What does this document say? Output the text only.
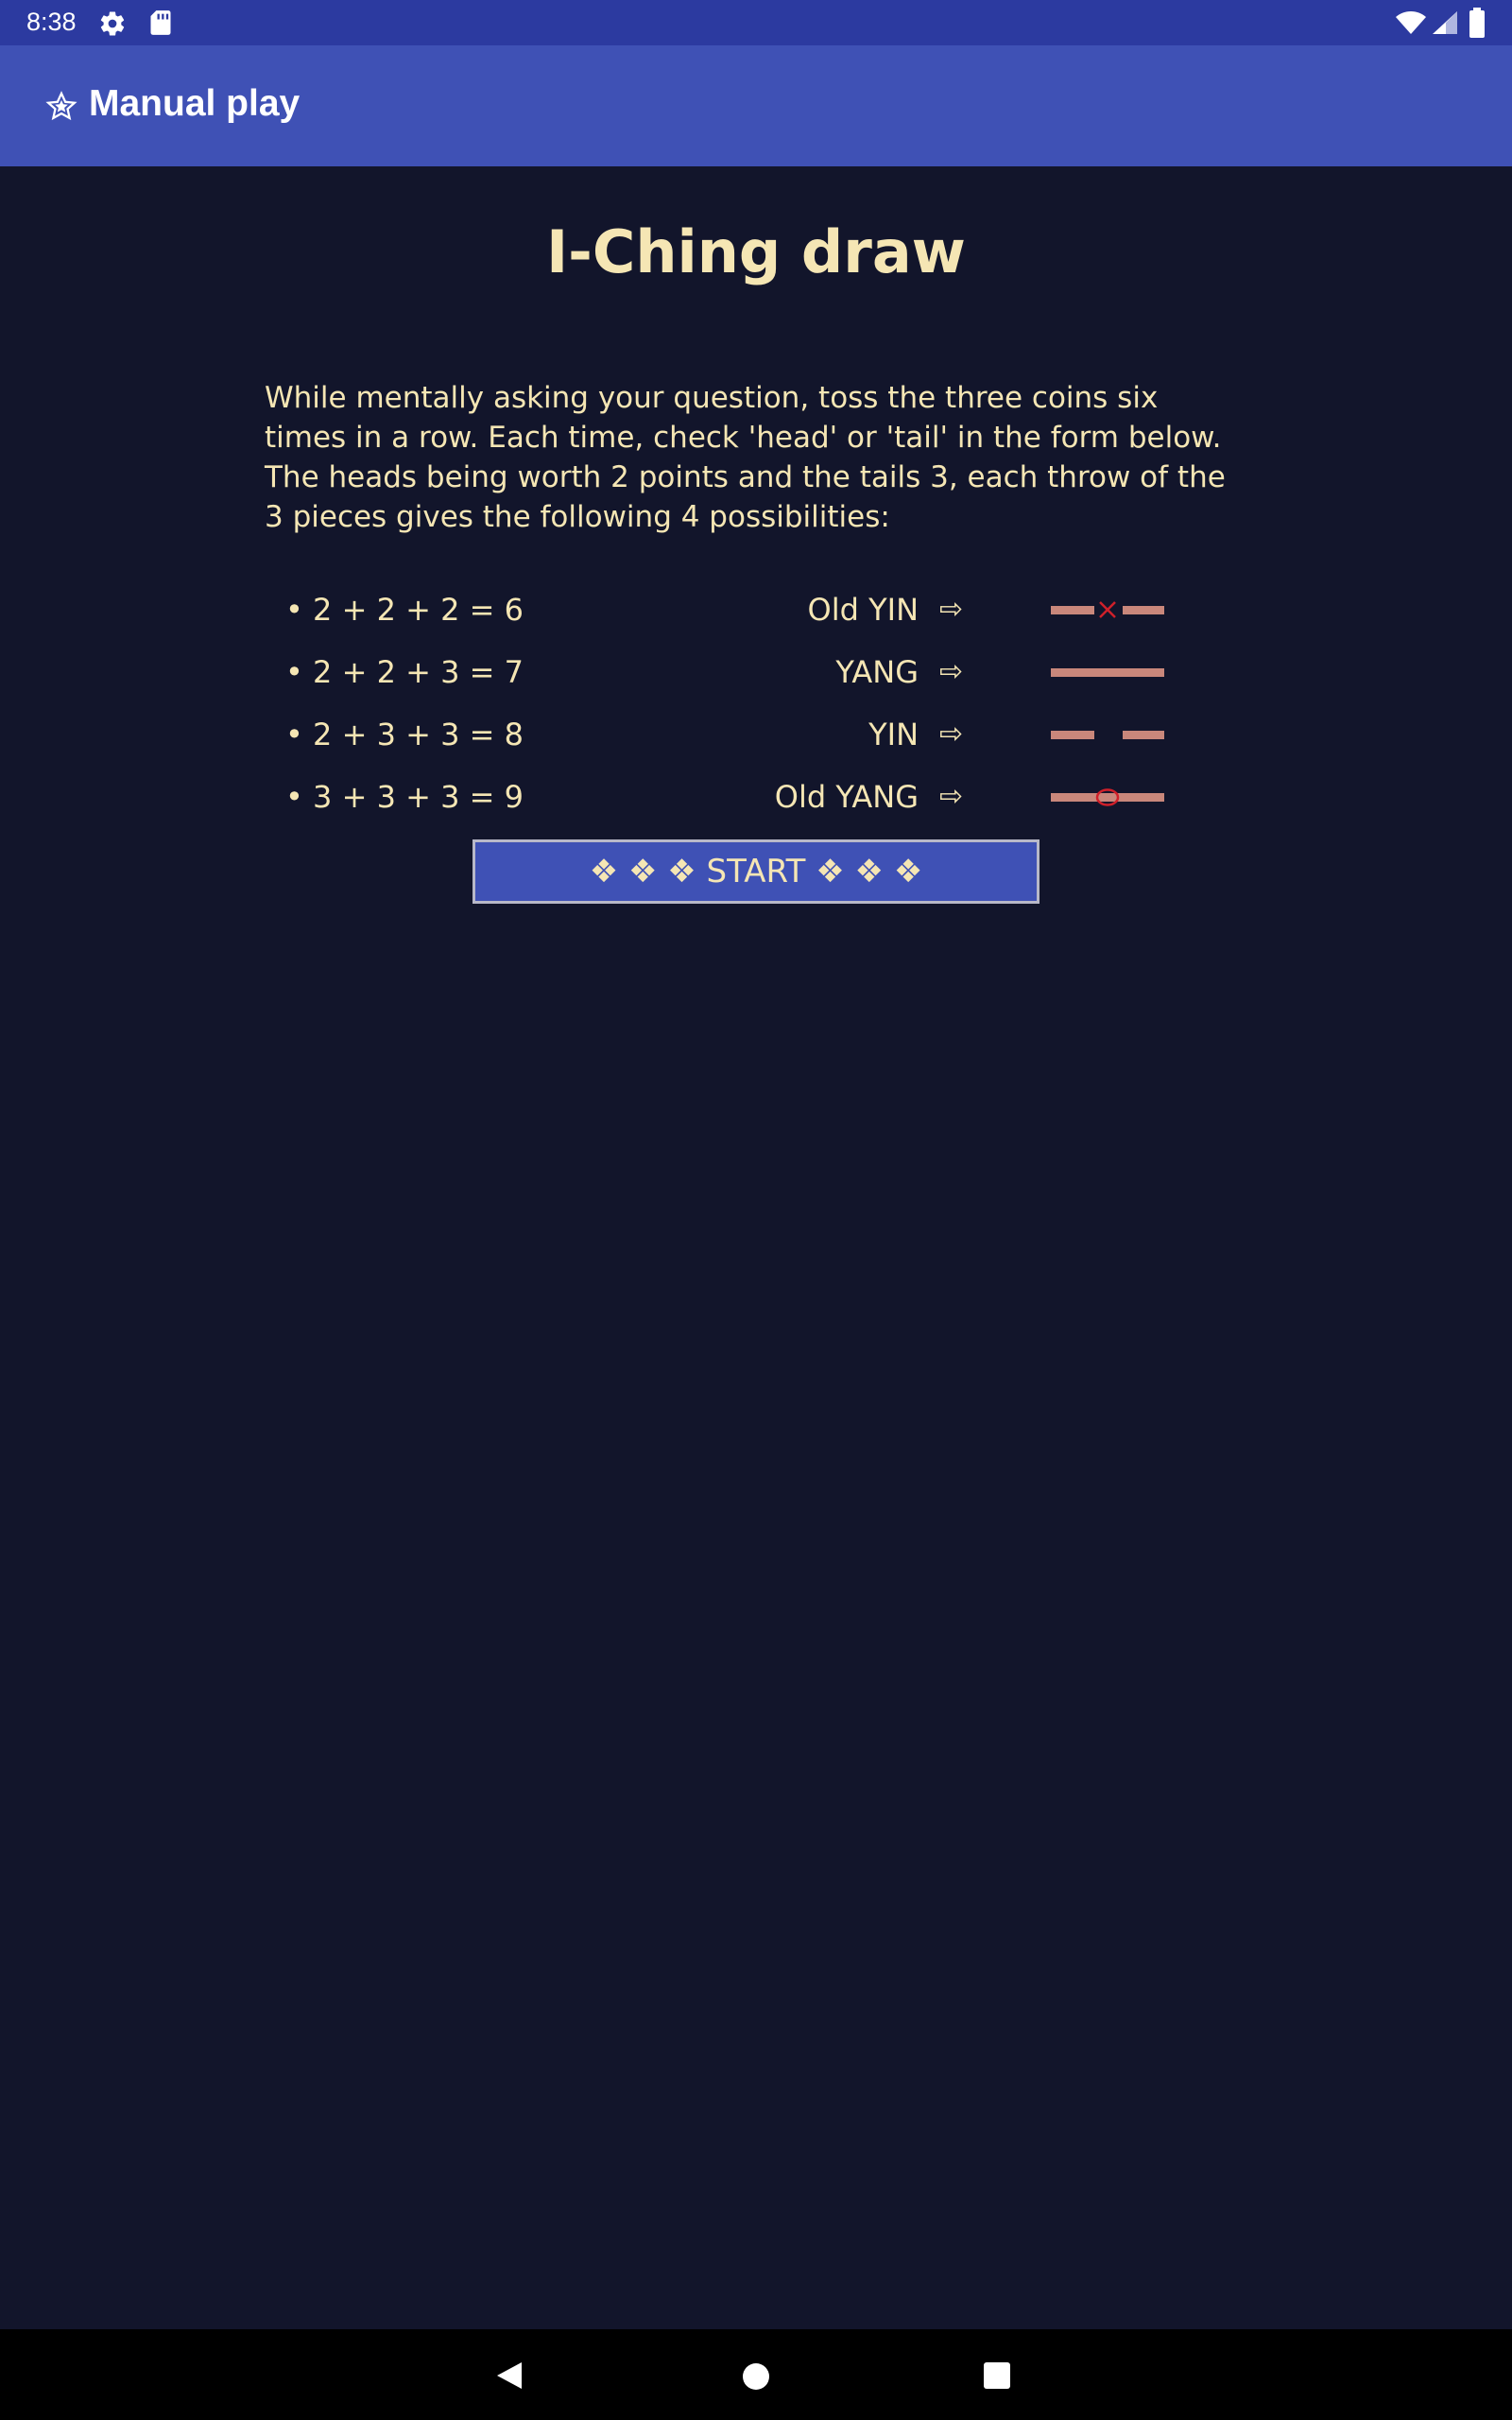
8:38
Manual play
I-Ching draw
While mentally asking your question, toss the three coins six times in a row. Each time, check 'head' or 'tail' in the form below. The heads being worth 2 points and the tails 3, each throw of the 3 pieces gives the following 4 possibilities:
• 2 + 2 + 2 = 6	Old YIN ⇨
• 2 + 2 + 3 = 7	YANG ⇨
• 2 + 3 + 3 = 8	YIN ⇨
• 3 + 3 + 3 = 9	Old YANG ⇨
❖ ❖ ❖ START ❖ ❖ ❖
